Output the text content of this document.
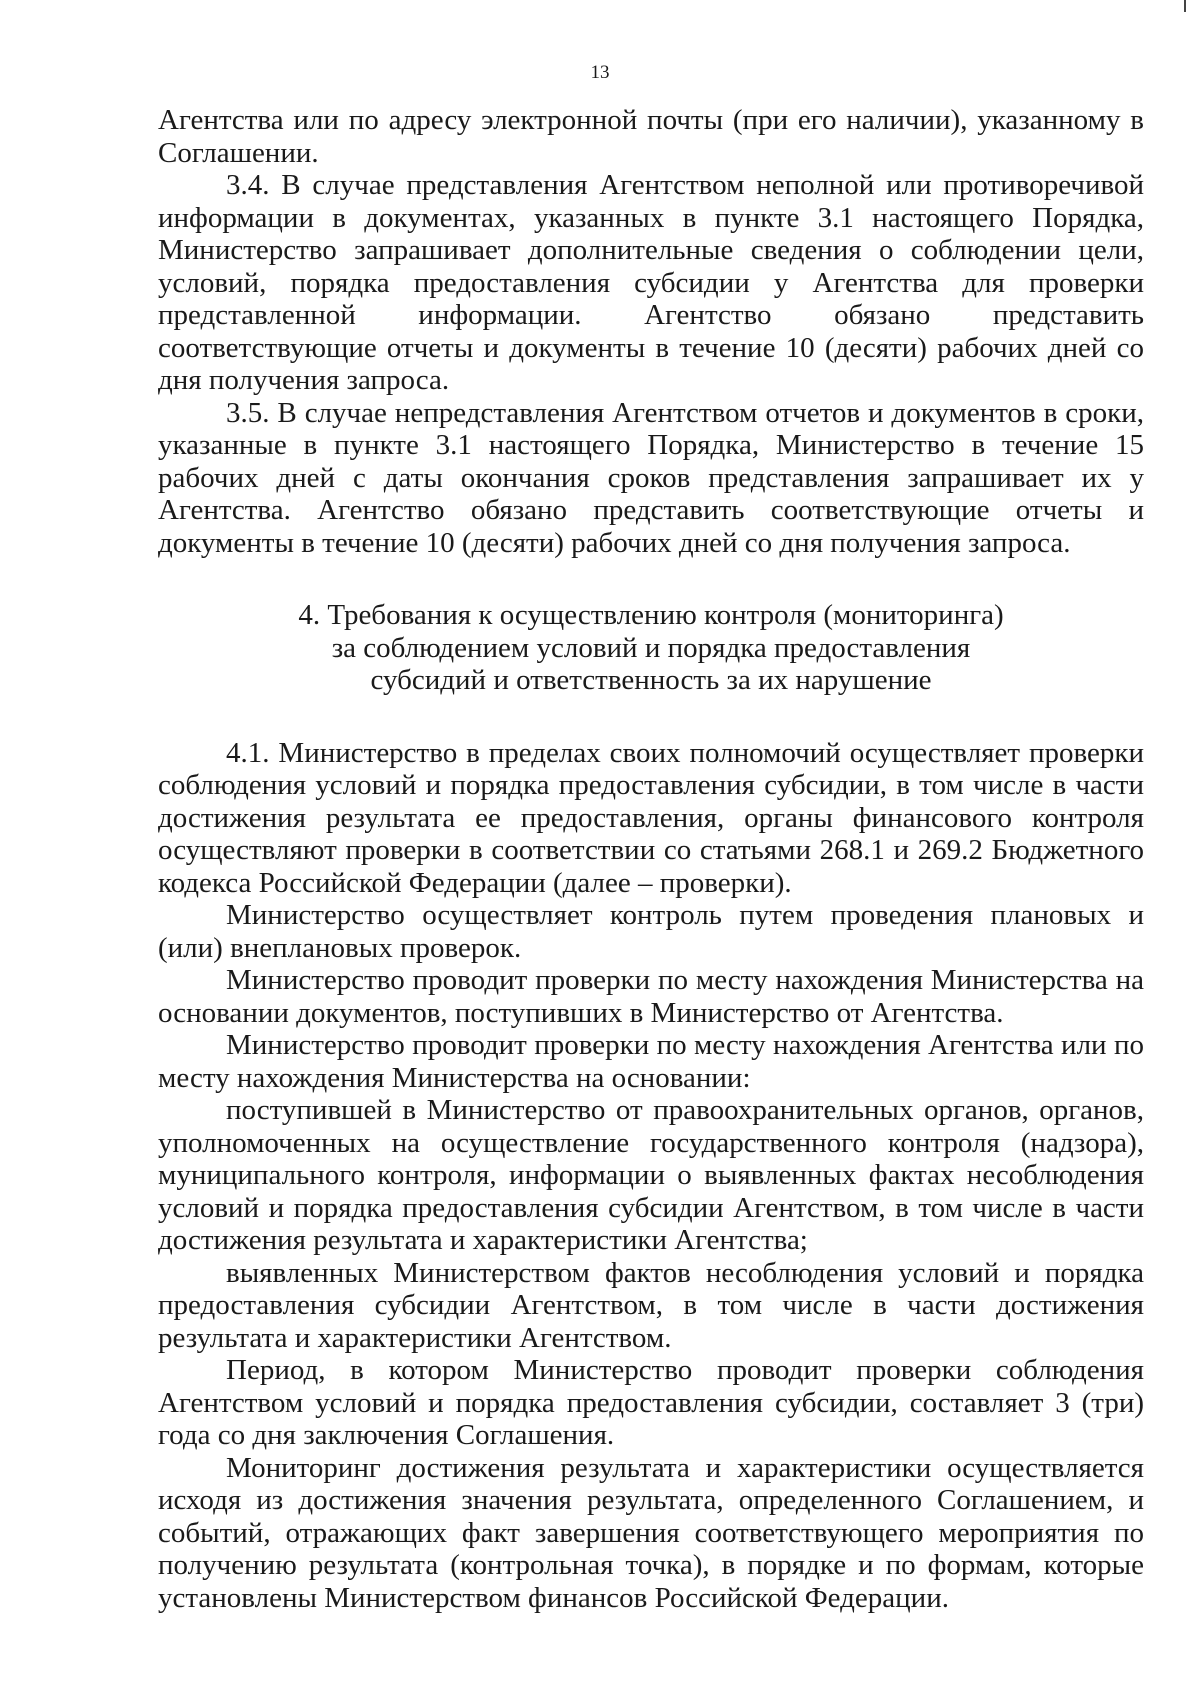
13

Агентства или по адресу электронной почты (при его наличии), указанному в Соглашении.

3.4. В случае представления Агентством неполной или противоречивой информации в документах, указанных в пункте 3.1 настоящего Порядка, Министерство запрашивает дополнительные сведения о соблюдении цели, условий, порядка предоставления субсидии у Агентства для проверки представленной информации. Агентство обязано представить соответствующие отчеты и документы в течение 10 (десяти) рабочих дней со дня получения запроса.

3.5. В случае непредставления Агентством отчетов и документов в сроки, указанные в пункте 3.1 настоящего Порядка, Министерство в течение 15 рабочих дней с даты окончания сроков представления запрашивает их у Агентства. Агентство обязано представить соответствующие отчеты и документы в течение 10 (десяти) рабочих дней со дня получения запроса.

4. Требования к осуществлению контроля (мониторинга)
за соблюдением условий и порядка предоставления
субсидий и ответственность за их нарушение

4.1. Министерство в пределах своих полномочий осуществляет проверки соблюдения условий и порядка предоставления субсидии, в том числе в части достижения результата ее предоставления, органы финансового контроля осуществляют проверки в соответствии со статьями 268.1 и 269.2 Бюджетного кодекса Российской Федерации (далее – проверки).

Министерство осуществляет контроль путем проведения плановых и (или) внеплановых проверок.

Министерство проводит проверки по месту нахождения Министерства на основании документов, поступивших в Министерство от Агентства.

Министерство проводит проверки по месту нахождения Агентства или по месту нахождения Министерства на основании:

поступившей в Министерство от правоохранительных органов, органов, уполномоченных на осуществление государственного контроля (надзора), муниципального контроля, информации о выявленных фактах несоблюдения условий и порядка предоставления субсидии Агентством, в том числе в части достижения результата и характеристики Агентства;

выявленных Министерством фактов несоблюдения условий и порядка предоставления субсидии Агентством, в том числе в части достижения результата и характеристики Агентством.

Период, в котором Министерство проводит проверки соблюдения Агентством условий и порядка предоставления субсидии, составляет 3 (три) года со дня заключения Соглашения.

Мониторинг достижения результата и характеристики осуществляется исходя из достижения значения результата, определенного Соглашением, и событий, отражающих факт завершения соответствующего мероприятия по получению результата (контрольная точка), в порядке и по формам, которые установлены Министерством финансов Российской Федерации.
